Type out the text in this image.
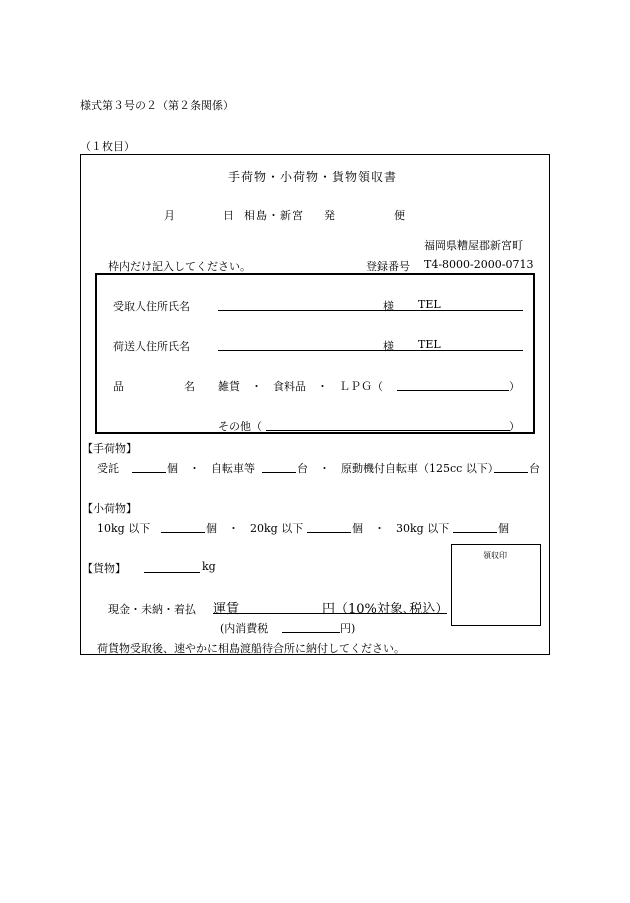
様式第３号の２（第２条関係）
（１枚目）
手荷物・小荷物・貨物領収書
月	日 相島・新宮 発	便
福岡県糟屋郡新宮町
枠内だけ記入してください。	登録番号 T4-8000-2000-0713
受取人住所氏名	様 TEL
荷送人住所氏名	様 TEL
品	名 雑貨　・　食料品　・　ＬＰＧ（	）
その他（	）
【手荷物】
受託	個　・　自転車等	台　・　原動機付自転車（125cc 以下）	台
【小荷物】
10kg 以下	個　・　20kg 以下	個　・　30kg 以下	個
【貨物】	kg
領収印
現金・未納・着払 運賃	円（10%対象､税込）
(内消費税	円)
荷貨物受取後、速やかに相島渡船待合所に納付してください。
